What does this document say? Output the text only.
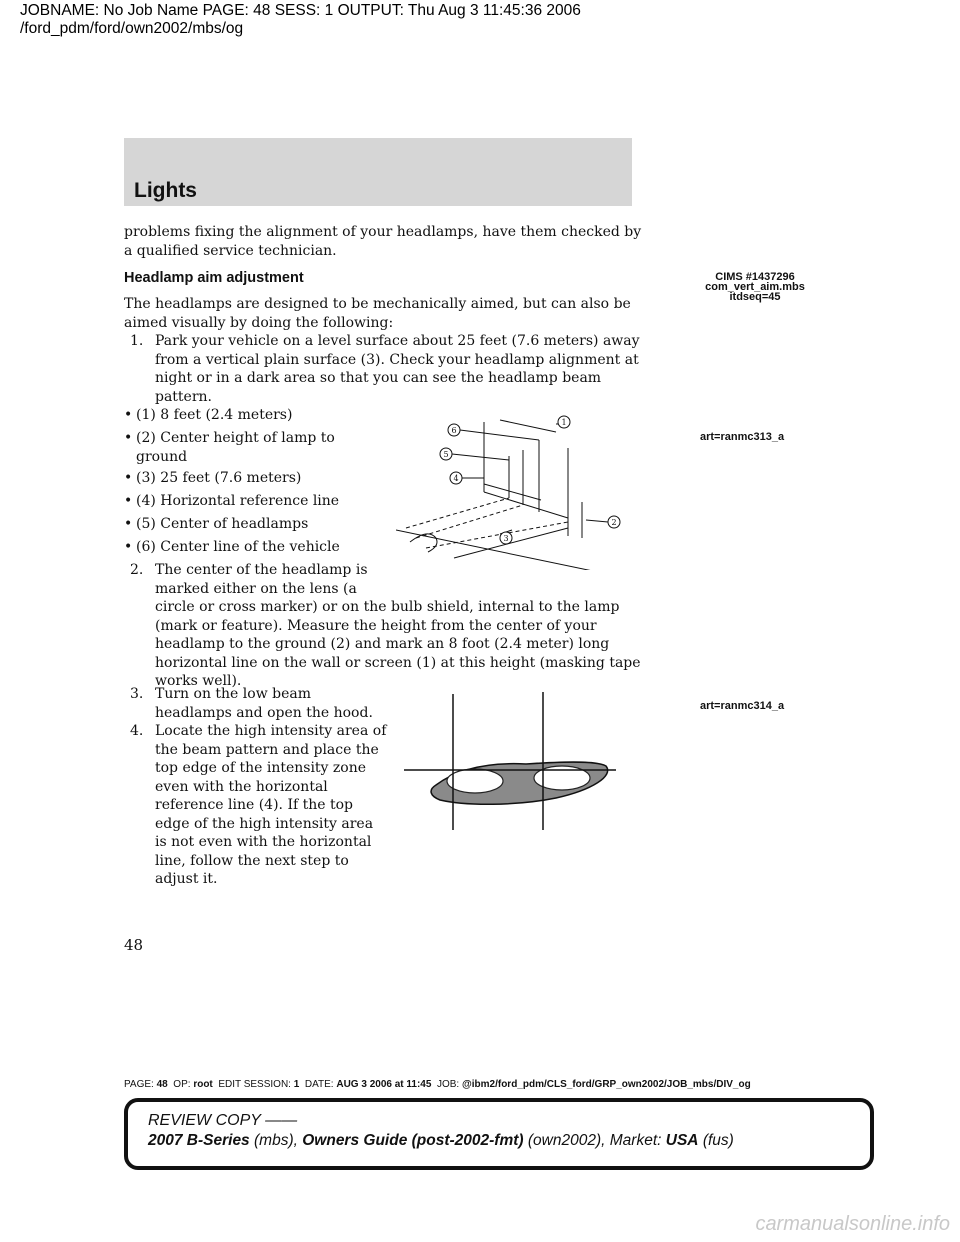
JOBNAME: No Job Name PAGE: 48 SESS: 1 OUTPUT: Thu Aug 3 11:45:36 2006
/ford_pdm/ford/own2002/mbs/og
Lights
problems fixing the alignment of your headlamps, have them checked by
a qualified service technician.
Headlamp aim adjustment
The headlamps are designed to be mechanically aimed, but can also be
aimed visually by doing the following:
1. Park your vehicle on a level surface about 25 feet (7.6 meters) away
from a vertical plain surface (3). Check your headlamp alignment at
night or in a dark area so that you can see the headlamp beam
pattern.
• (1) 8 feet (2.4 meters)
• (2) Center height of lamp to
ground
• (3) 25 feet (7.6 meters)
• (4) Horizontal reference line
• (5) Center of headlamps
• (6) Center line of the vehicle
2. The center of the headlamp is
marked either on the lens (a
circle or cross marker) or on the bulb shield, internal to the lamp
(mark or feature). Measure the height from the center of your
headlamp to the ground (2) and mark an 8 foot (2.4 meter) long
horizontal line on the wall or screen (1) at this height (masking tape
works well).
3. Turn on the low beam
headlamps and open the hood.
4. Locate the high intensity area of
the beam pattern and place the
top edge of the intensity zone
even with the horizontal
reference line (4). If the top
edge of the high intensity area
is not even with the horizontal
line, follow the next step to
adjust it.
CIMS #1437296
com_vert_aim.mbs
itdseq=45
art=ranmc313_a
art=ranmc314_a
1
2
3
4
5
6
48
PAGE: 48 OP: root EDIT SESSION: 1 DATE: AUG 3 2006 at 11:45 JOB: @ibm2/ford_pdm/CLS_ford/GRP_own2002/JOB_mbs/DIV_og
REVIEW COPY ——
2007 B-Series (mbs), Owners Guide (post-2002-fmt) (own2002), Market: USA (fus)
carmanualsonline.info
